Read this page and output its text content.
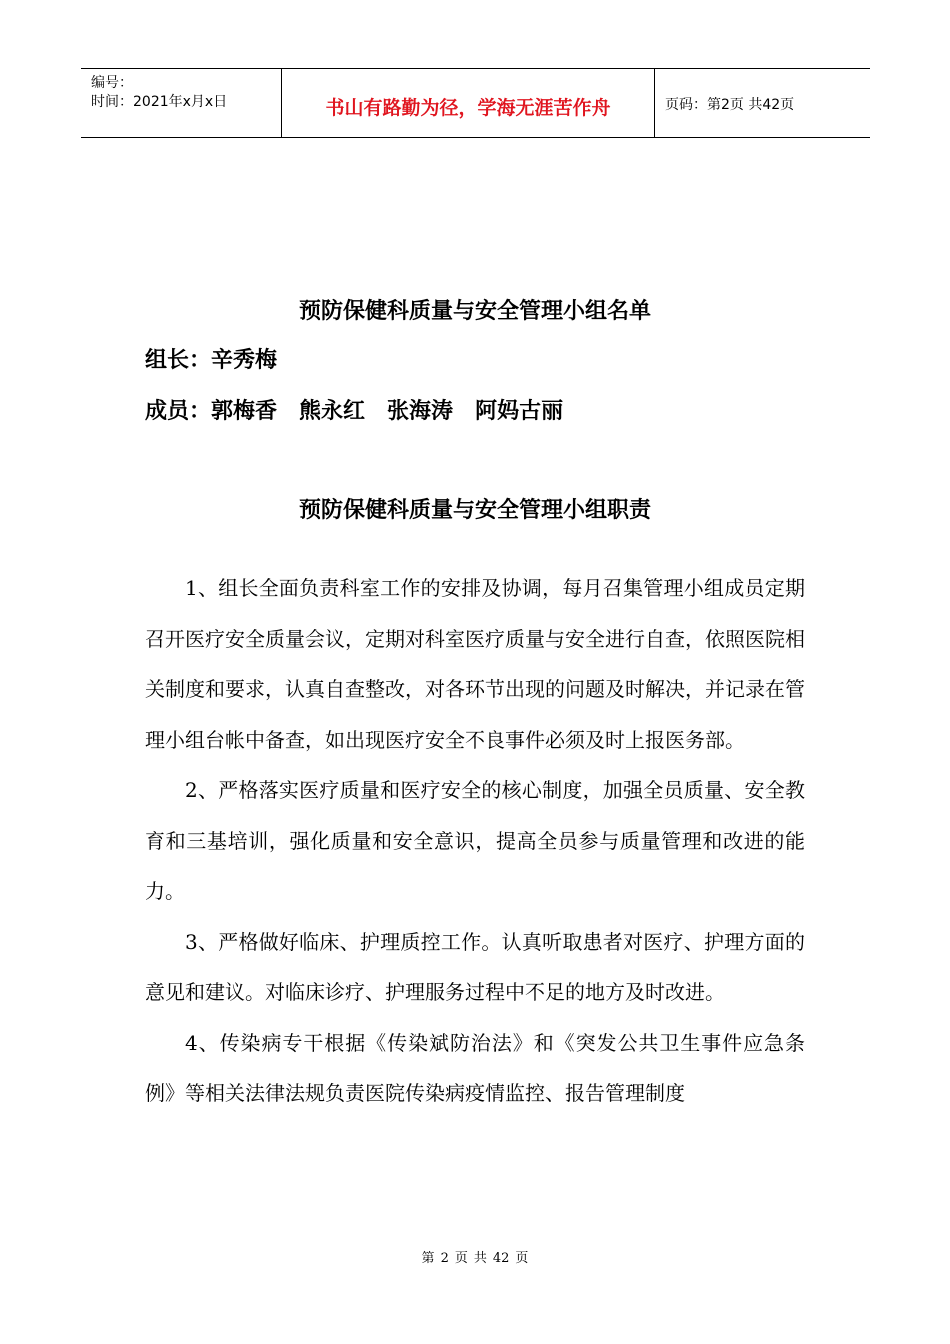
编号：
时间：2021年x月x日	书山有路勤为径，学海无涯苦作舟	页码：第2页 共42页
预防保健科质量与安全管理小组名单
组长：辛秀梅
成员：郭梅香 熊永红 张海涛 阿妈古丽
预防保健科质量与安全管理小组职责

1、组长全面负责科室工作的安排及协调，每月召集管理小组成员定期召开医疗安全质量会议，定期对科室医疗质量与安全进行自查，依照医院相关制度和要求，认真自查整改，对各环节出现的问题及时解决，并记录在管理小组台帐中备查，如出现医疗安全不良事件必须及时上报医务部。

2、严格落实医疗质量和医疗安全的核心制度，加强全员质量、安全教育和三基培训，强化质量和安全意识，提高全员参与质量管理和改进的能力。

3、严格做好临床、护理质控工作。认真听取患者对医疗、护理方面的意见和建议。对临床诊疗、护理服务过程中不足的地方及时改进。

4、传染病专干根据《传染斌防治法》和《突发公共卫生事件应急条例》等相关法律法规负责医院传染病疫情监控、报告管理制度

第 2 页 共 42 页
